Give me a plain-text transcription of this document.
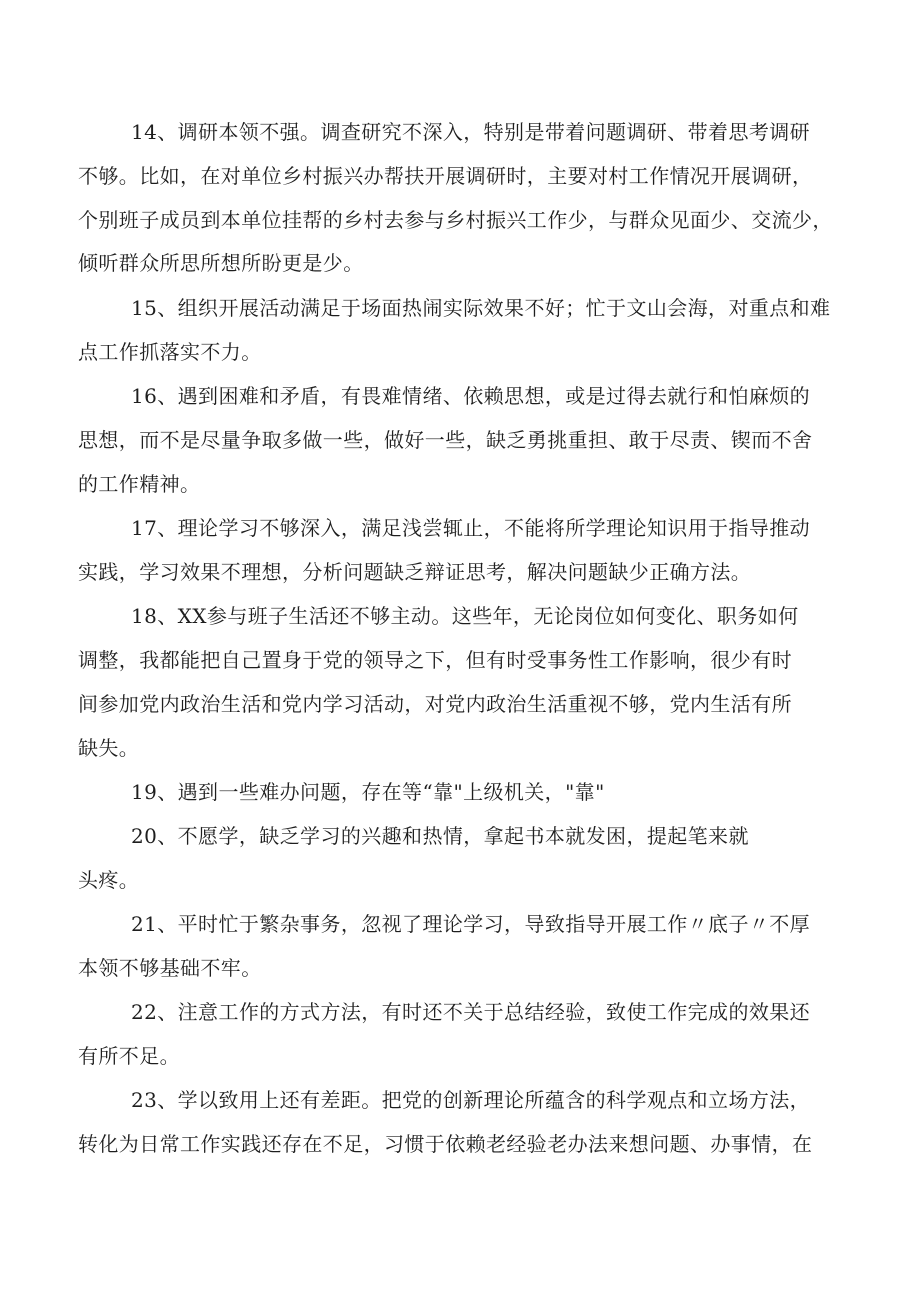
14、调研本领不强。调查研究不深入，特别是带着问题调研、带着思考调研
不够。比如，在对单位乡村振兴办帮扶开展调研时，主要对村工作情况开展调研，
个别班子成员到本单位挂帮的乡村去参与乡村振兴工作少，与群众见面少、交流少，
倾听群众所思所想所盼更是少。
15、组织开展活动满足于场面热闹实际效果不好；忙于文山会海，对重点和难
点工作抓落实不力。
16、遇到困难和矛盾，有畏难情绪、依赖思想，或是过得去就行和怕麻烦的
思想，而不是尽量争取多做一些，做好一些，缺乏勇挑重担、敢于尽责、锲而不舍
的工作精神。
17、理论学习不够深入，满足浅尝辄止，不能将所学理论知识用于指导推动
实践，学习效果不理想，分析问题缺乏辩证思考，解决问题缺少正确方法。
18、XX参与班子生活还不够主动。这些年，无论岗位如何变化、职务如何
调整，我都能把自己置身于党的领导之下，但有时受事务性工作影响，很少有时
间参加党内政治生活和党内学习活动，对党内政治生活重视不够，党内生活有所
缺失。
19、遇到一些难办问题，存在等“靠"上级机关，"靠"
20、不愿学，缺乏学习的兴趣和热情，拿起书本就发困，提起笔来就
头疼。
21、平时忙于繁杂事务，忽视了理论学习，导致指导开展工作〃底子〃不厚
本领不够基础不牢。
22、注意工作的方式方法，有时还不关于总结经验，致使工作完成的效果还
有所不足。
23、学以致用上还有差距。把党的创新理论所蕴含的科学观点和立场方法，
转化为日常工作实践还存在不足，习惯于依赖老经验老办法来想问题、办事情，在
